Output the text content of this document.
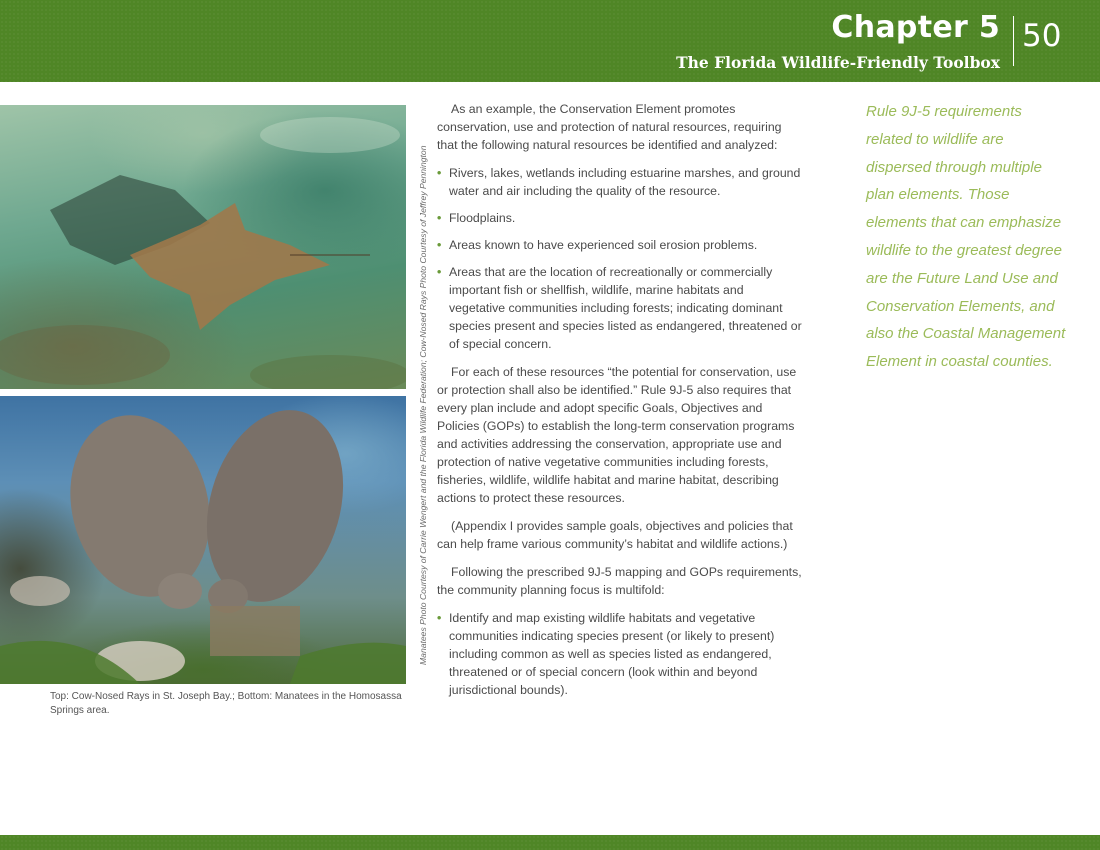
Chapter 5 50
The Florida Wildlife-Friendly Toolbox
Manatees Photo Courtesy of Carrie Wengert and the Florida Wildlife Federation; Cow-Nosed Rays Photo Courtesy of Jeffrey Pennington
Top: Cow-Nosed Rays in St. Joseph Bay.; Bottom: Manatees in the Homosassa Springs area.

As an example, the Conservation Element promotes conservation, use and protection of natural resources, requiring that the following natural resources be identified and analyzed:

• Rivers, lakes, wetlands including estuarine marshes, and ground water and air including the quality of the resource.
• Floodplains.
• Areas known to have experienced soil erosion problems.
• Areas that are the location of recreationally or commercially important fish or shellfish, wildlife, marine habitats and vegetative communities including forests; indicating dominant species present and species listed as endangered, threatened or of special concern.

For each of these resources “the potential for conservation, use or protection shall also be identified.” Rule 9J-5 also requires that every plan include and adopt specific Goals, Objectives and Policies (GOPs) to establish the long-term conservation programs and activities addressing the conservation, appropriate use and protection of native vegetative communities including forests, fisheries, wildlife, wildlife habitat and marine habitat, describing actions to protect these resources.

(Appendix I provides sample goals, objectives and policies that can help frame various community’s habitat and wildlife actions.)

Following the prescribed 9J-5 mapping and GOPs requirements, the community planning focus is multifold:

• Identify and map existing wildlife habitats and vegetative communities indicating species present (or likely to present) including common as well as species listed as endangered, threatened or of special concern (look within and beyond jurisdictional bounds).
Rule 9J-5 requirements related to wildlife are dispersed through multiple plan elements. Those elements that can emphasize wildlife to the greatest degree are the Future Land Use and Conservation Elements, and also the Coastal Management Element in coastal counties.
